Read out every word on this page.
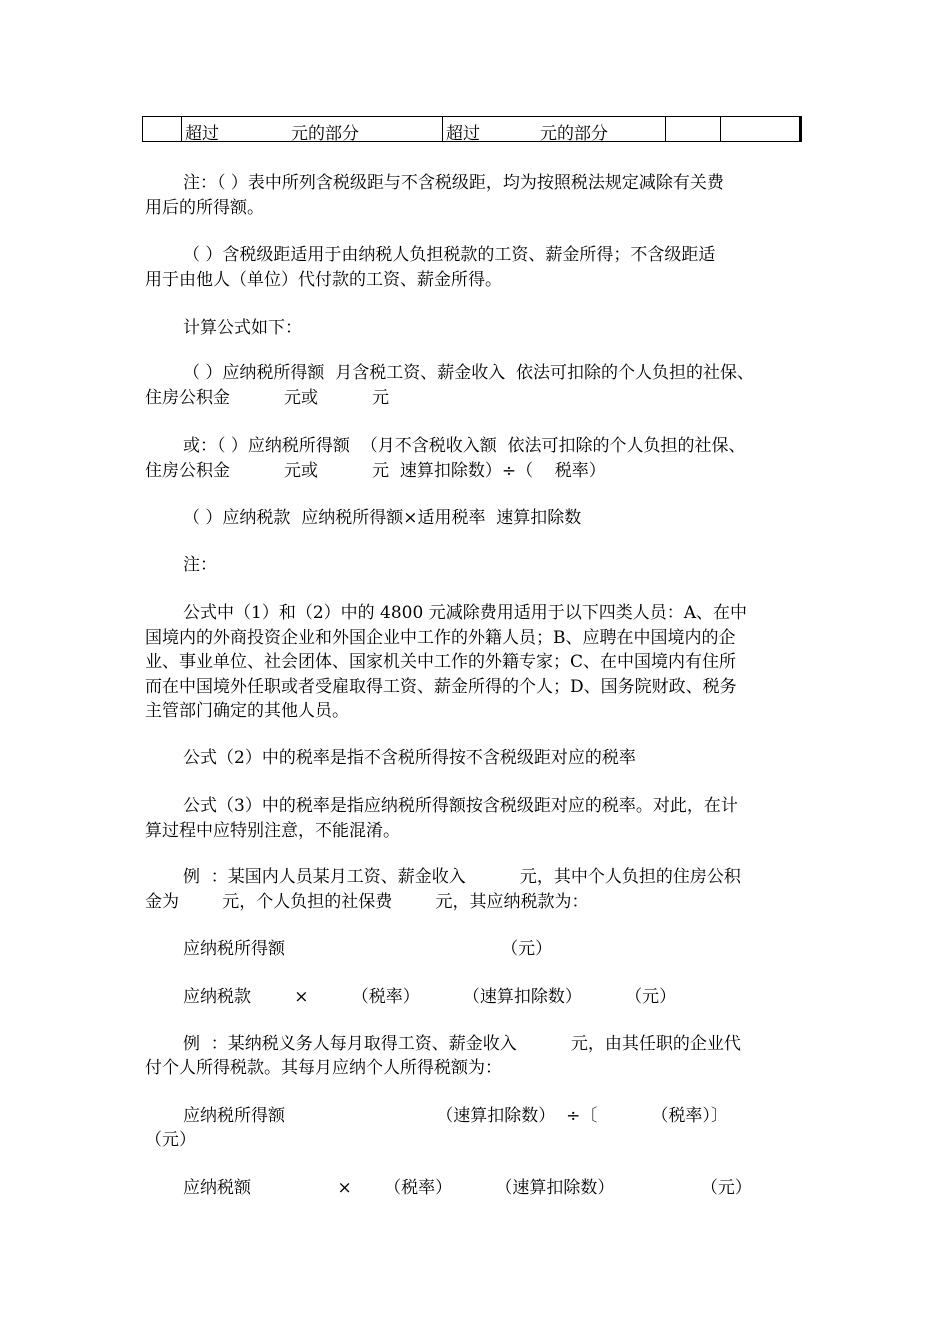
超过	元的部分	超过	元的部分
注：（ ）表中所列含税级距与不含税级距，均为按照税法规定减除有关费
用后的所得额。
（ ）含税级距适用于由纳税人负担税款的工资、薪金所得；不含级距适
用于由他人（单位）代付款的工资、薪金所得。
计算公式如下：
（ ）应纳税所得额  月含税工资、薪金收入  依法可扣除的个人负担的社保、
住房公积金          元或          元
或：（ ）应纳税所得额  （月不含税收入额  依法可扣除的个人负担的社保、
住房公积金          元或          元  速算扣除数）÷（    税率）
（ ）应纳税款  应纳税所得额×适用税率  速算扣除数
注：
公式中（1）和（2）中的 4800 元减除费用适用于以下四类人员：A、在中
国境内的外商投资企业和外国企业中工作的外籍人员；B、应聘在中国境内的企
业、事业单位、社会团体、国家机关中工作的外籍专家；C、在中国境内有住所
而在中国境外任职或者受雇取得工资、薪金所得的个人；D、国务院财政、税务
主管部门确定的其他人员。
公式（2）中的税率是指不含税所得按不含税级距对应的税率
公式（3）中的税率是指应纳税所得额按含税级距对应的税率。对此，在计
算过程中应特别注意，不能混淆。
例  ：某国内人员某月工资、薪金收入          元，其中个人负担的住房公积
金为        元，个人负担的社保费        元，其应纳税款为：
应纳税所得额                                        （元）
应纳税款        ×        （税率）        （速算扣除数）        （元）
例  ：某纳税义务人每月取得工资、薪金收入          元，由其任职的企业代
付个人所得税款。其每月应纳个人所得税额为：
应纳税所得额                            （速算扣除数）  ÷〔          （税率）〕
（元）
应纳税额                ×      （税率）        （速算扣除数）                （元）
